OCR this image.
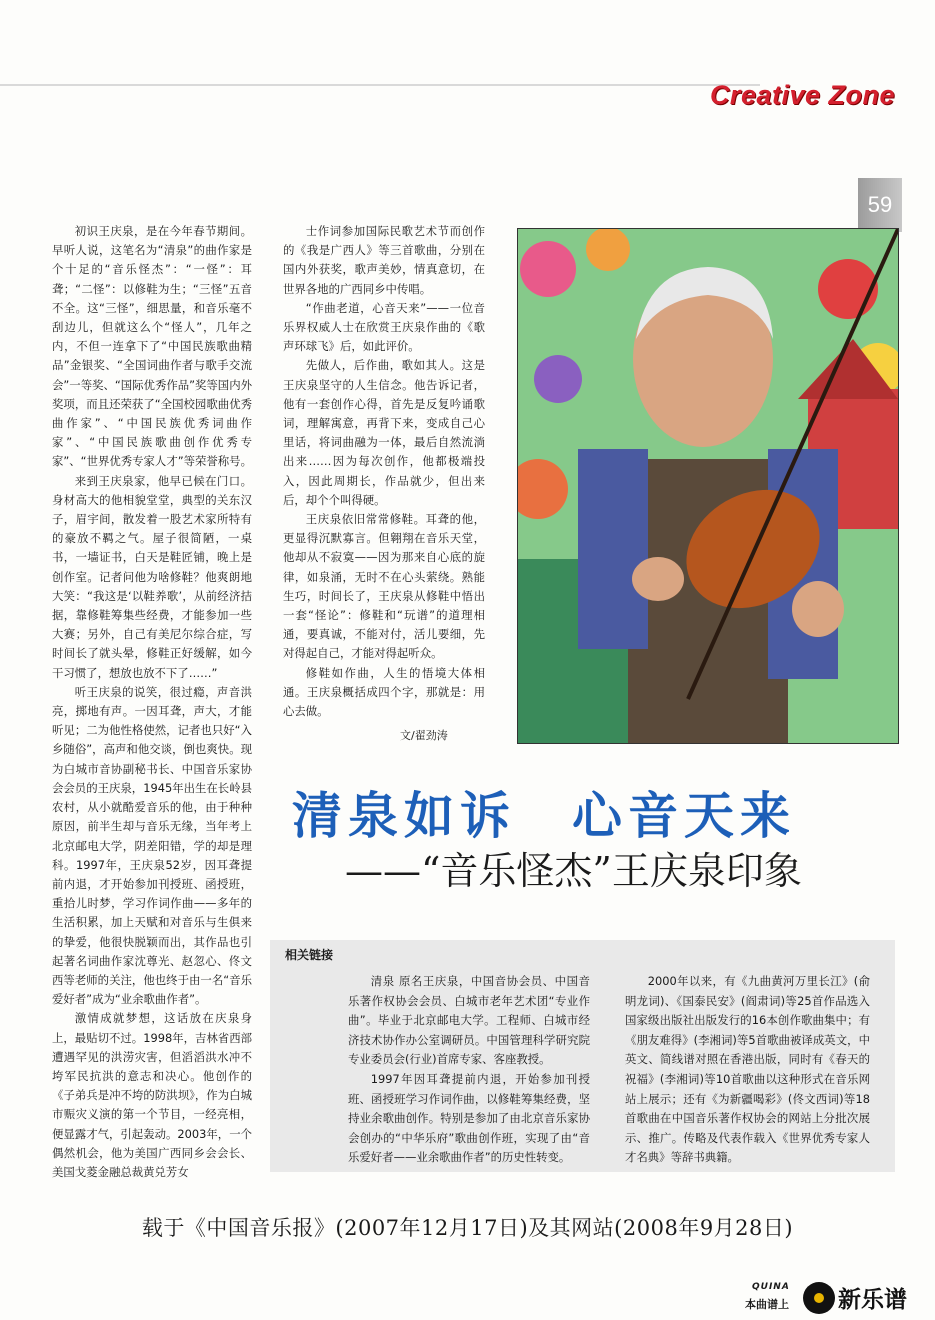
Creative Zone
59

初识王庆泉，是在今年春节期间。早听人说，这笔名为“清泉”的曲作家是个十足的“音乐怪杰”：“一怪”：耳聋；“二怪”：以修鞋为生；“三怪”五音不全。这“三怪”，细思量，和音乐毫不刮边儿，但就这么个“怪人”，几年之内，不但一连拿下了“中国民族歌曲精品”金银奖、“全国词曲作者与歌手交流会”一等奖、“国际优秀作品”奖等国内外奖项，而且还荣获了“全国校园歌曲优秀曲作家”、“中国民族优秀词曲作家”、“中国民族歌曲创作优秀专家”、“世界优秀专家人才”等荣誉称号。

来到王庆泉家，他早已候在门口。身材高大的他相貌堂堂，典型的关东汉子，眉宇间，散发着一股艺术家所特有的豪放不羁之气。屋子很简陋，一桌书，一墙证书，白天是鞋匠铺，晚上是创作室。记者问他为啥修鞋？他爽朗地大笑：“我这是‘以鞋养歌’，从前经济拮据，靠修鞋筹集些经费，才能参加一些大赛；另外，自己有美尼尔综合症，写时间长了就头晕，修鞋正好缓解，如今干习惯了，想放也放不下了……”

听王庆泉的说笑，很过瘾，声音洪亮，掷地有声。一因耳聋，声大，才能听见；二为他性格使然，记者也只好“入乡随俗”，高声和他交谈，倒也爽快。现为白城市音协副秘书长、中国音乐家协会会员的王庆泉，1945年出生在长岭县农村，从小就酷爱音乐的他，由于种种原因，前半生却与音乐无缘，当年考上北京邮电大学，阴差阳错，学的却是理科。1997年，王庆泉52岁，因耳聋提前内退，才开始参加刊授班、函授班，重拾儿时梦，学习作词作曲——多年的生活积累，加上天赋和对音乐与生俱来的挚爱，他很快脱颖而出，其作品也引起著名词曲作家沈尊光、赵忽心、佟文西等老师的关注，他也终于由一名“音乐爱好者”成为“业余歌曲作者”。

激情成就梦想，这话放在庆泉身上，最贴切不过。1998年，吉林省西部遭遇罕见的洪涝灾害，但滔滔洪水冲不垮军民抗洪的意志和决心。他创作的《子弟兵是冲不垮的防洪坝》，作为白城市赈灾义演的第一个节目，一经亮相，便显露才气，引起轰动。2003年，一个偶然机会，他为美国广西同乡会会长、美国戈菱金融总裁黄兑芳女

士作词参加国际民歌艺术节而创作的《我是广西人》等三首歌曲，分别在国内外获奖，歌声美妙，情真意切，在世界各地的广西同乡中传唱。

“作曲老道，心音天来”——一位音乐界权威人士在欣赏王庆泉作曲的《歌声环球飞》后，如此评价。

先做人，后作曲，歌如其人。这是王庆泉坚守的人生信念。他告诉记者，他有一套创作心得，首先是反复吟诵歌词，理解寓意，再背下来，变成自己心里话，将词曲融为一体，最后自然流淌出来……因为每次创作，他都极端投入，因此周期长，作品就少，但出来后，却个个叫得硬。

王庆泉依旧常常修鞋。耳聋的他，更显得沉默寡言。但翱翔在音乐天堂，他却从不寂寞——因为那来自心底的旋律，如泉涌，无时不在心头萦绕。熟能生巧，时间长了，王庆泉从修鞋中悟出一套“怪论”：修鞋和“玩谱”的道理相通，要真诚，不能对付，活儿要细，先对得起自己，才能对得起听众。

修鞋如作曲，人生的悟境大体相通。王庆泉概括成四个字，那就是：用心去做。

文/翟劲涛
清泉如诉　心音天来
——“音乐怪杰”王庆泉印象
相关链接

清泉 原名王庆泉，中国音协会员、中国音乐著作权协会会员、白城市老年艺术团“专业作曲”。毕业于北京邮电大学。工程师、白城市经济技术协作办公室调研员。中国管理科学研究院专业委员会(行业)首席专家、客座教授。

1997年因耳聋提前内退，开始参加刊授班、函授班学习作词作曲，以修鞋筹集经费，坚持业余歌曲创作。特别是参加了由北京音乐家协会创办的“中华乐府”歌曲创作班，实现了由“音乐爱好者——业余歌曲作者”的历史性转变。

2000年以来，有《九曲黄河万里长江》(俞明龙词)、《国泰民安》(阎肃词)等25首作品选入国家级出版社出版发行的16本创作歌曲集中；有《朋友难得》(李湘词)等5首歌曲被译成英文，中英文、简线谱对照在香港出版，同时有《春天的祝福》(李湘词)等10首歌曲以这种形式在音乐网站上展示；还有《为新疆喝彩》(佟文西词)等18首歌曲在中国音乐著作权协会的网站上分批次展示、推广。传略及代表作载入《世界优秀专家人才名典》等辞书典籍。

载于《中国音乐报》(2007年12月17日)及其网站(2008年9月28日)
QUINA
本曲谱上 新乐谱
